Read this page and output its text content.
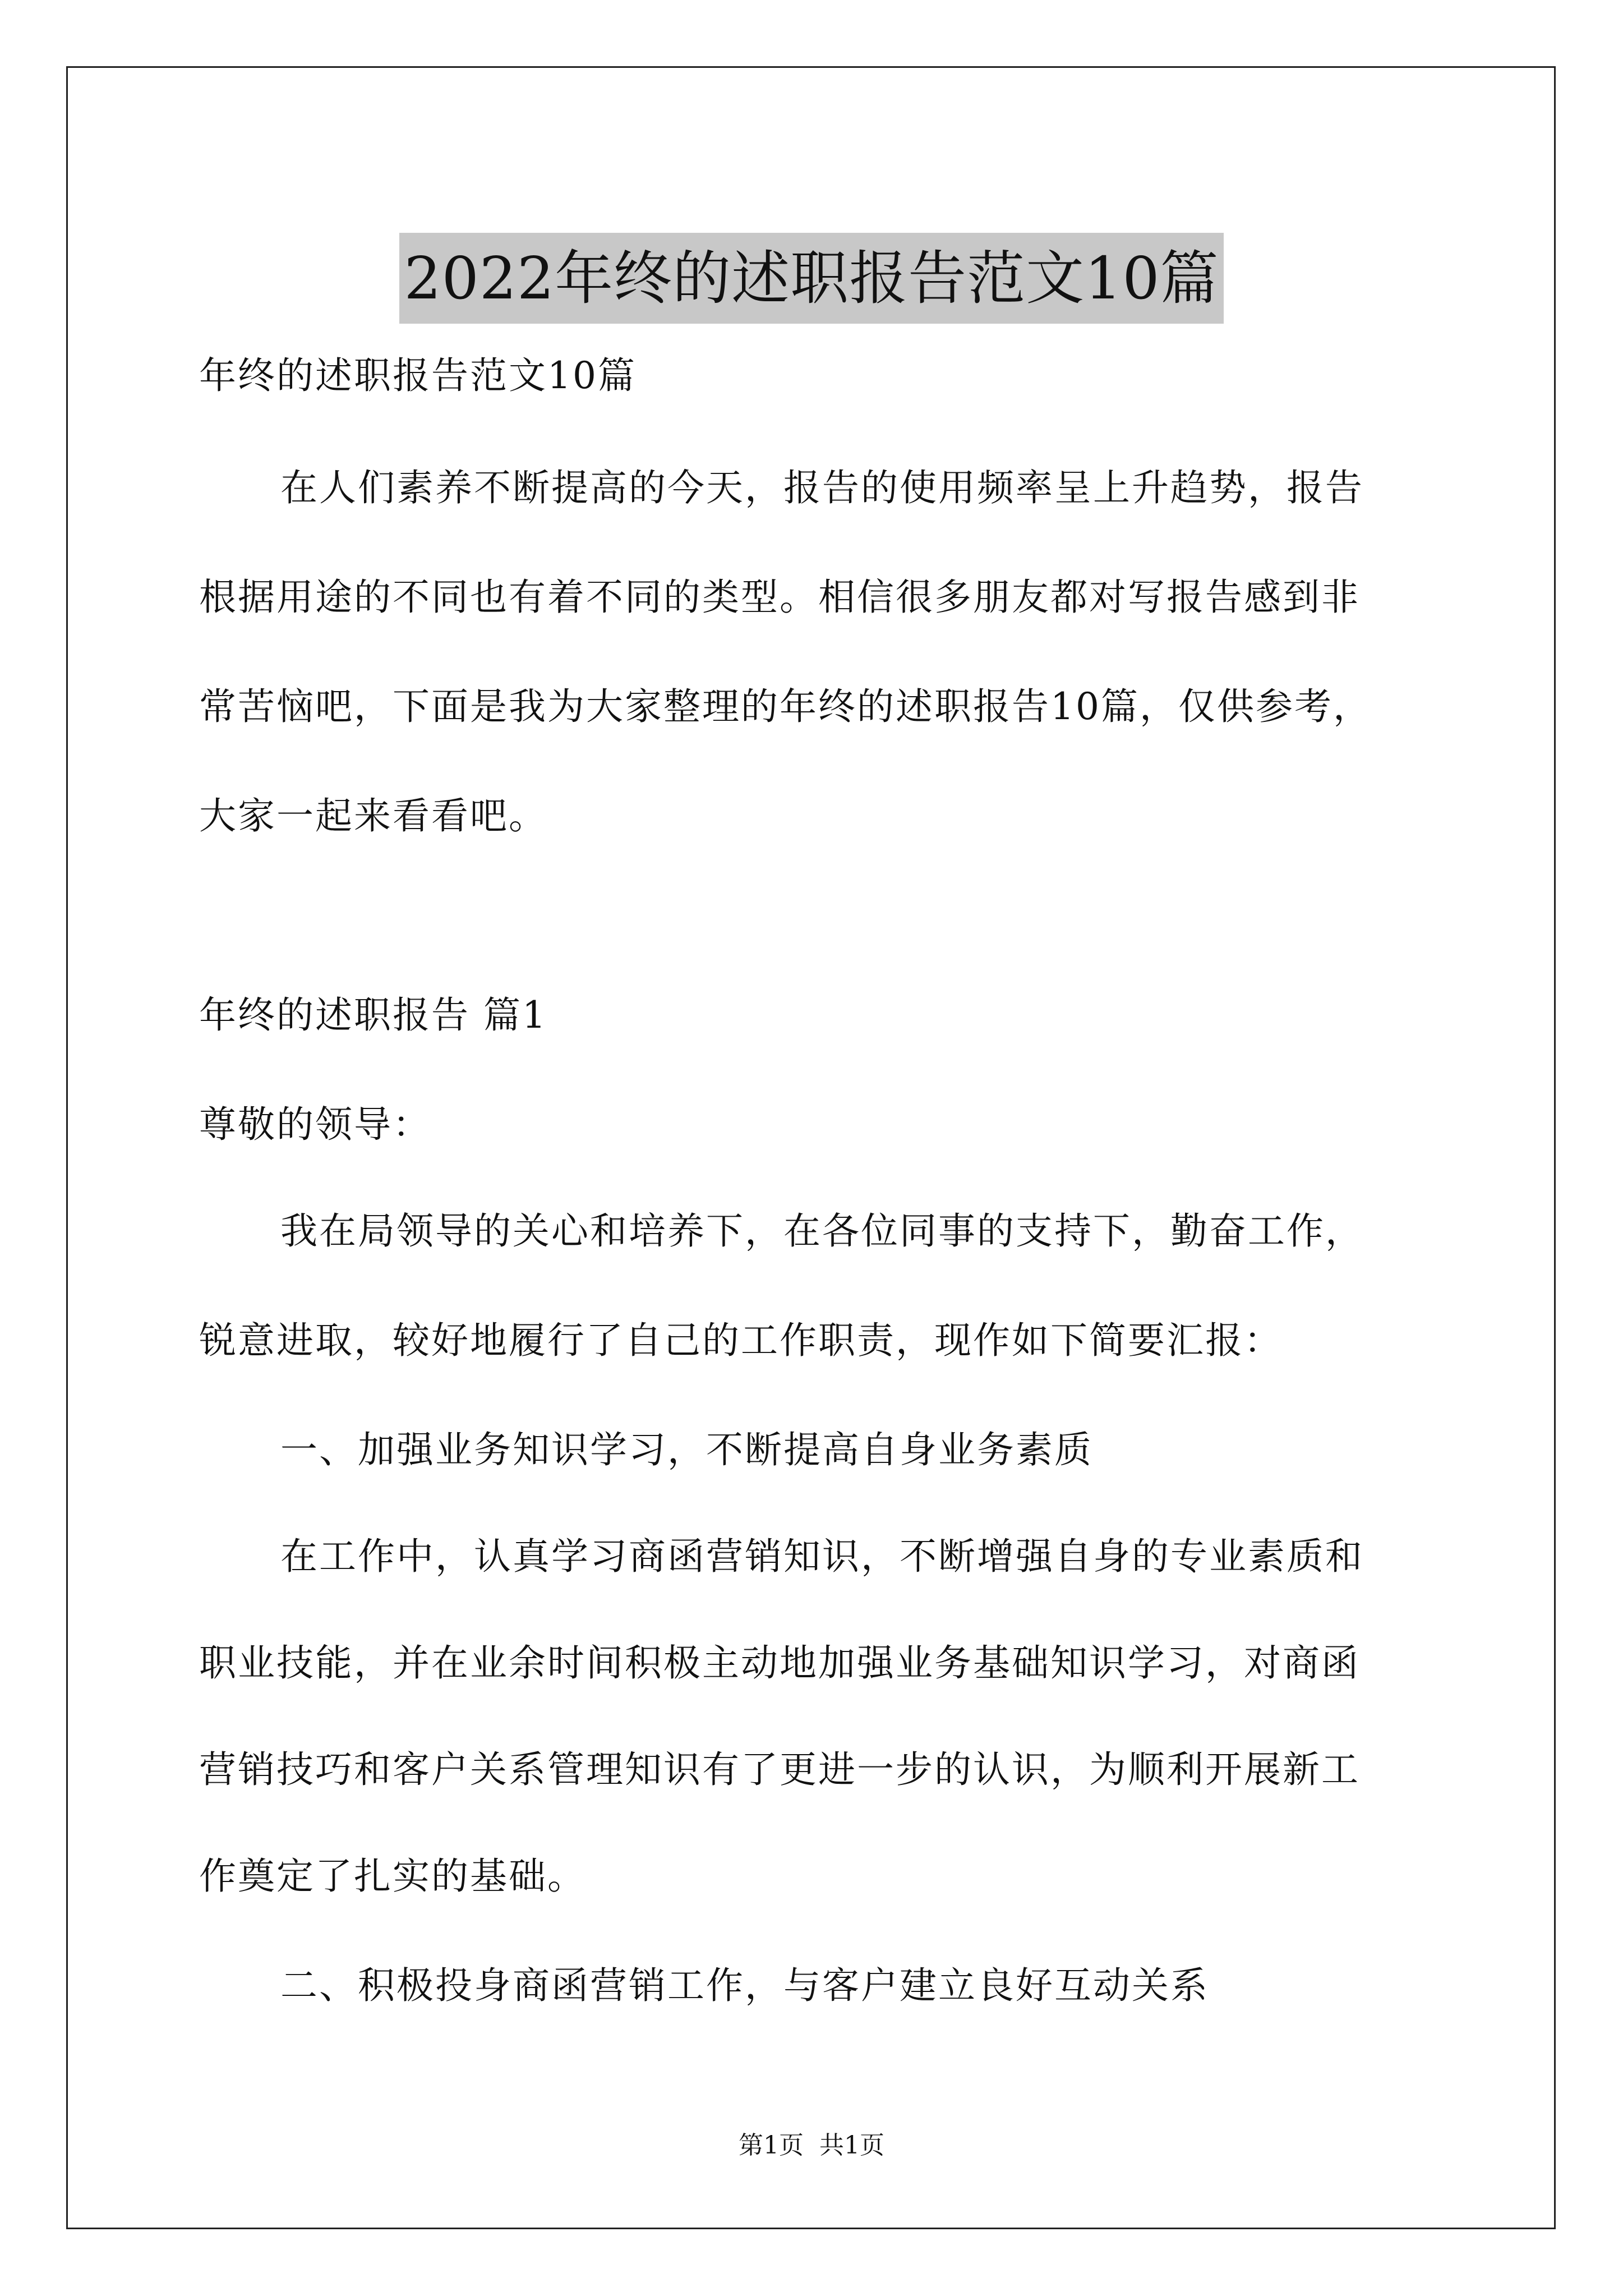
2022年终的述职报告范文10篇
年终的述职报告范文10篇
在人们素养不断提高的今天，报告的使用频率呈上升趋势，报告
根据用途的不同也有着不同的类型。相信很多朋友都对写报告感到非
常苦恼吧，下面是我为大家整理的年终的述职报告10篇，仅供参考，
大家一起来看看吧。
年终的述职报告 篇1
尊敬的领导：
我在局领导的关心和培养下，在各位同事的支持下，勤奋工作，
锐意进取，较好地履行了自己的工作职责，现作如下简要汇报：
一、加强业务知识学习，不断提高自身业务素质
在工作中，认真学习商函营销知识，不断增强自身的专业素质和
职业技能，并在业余时间积极主动地加强业务基础知识学习，对商函
营销技巧和客户关系管理知识有了更进一步的认识，为顺利开展新工
作奠定了扎实的基础。
二、积极投身商函营销工作，与客户建立良好互动关系
第1页 共1页
